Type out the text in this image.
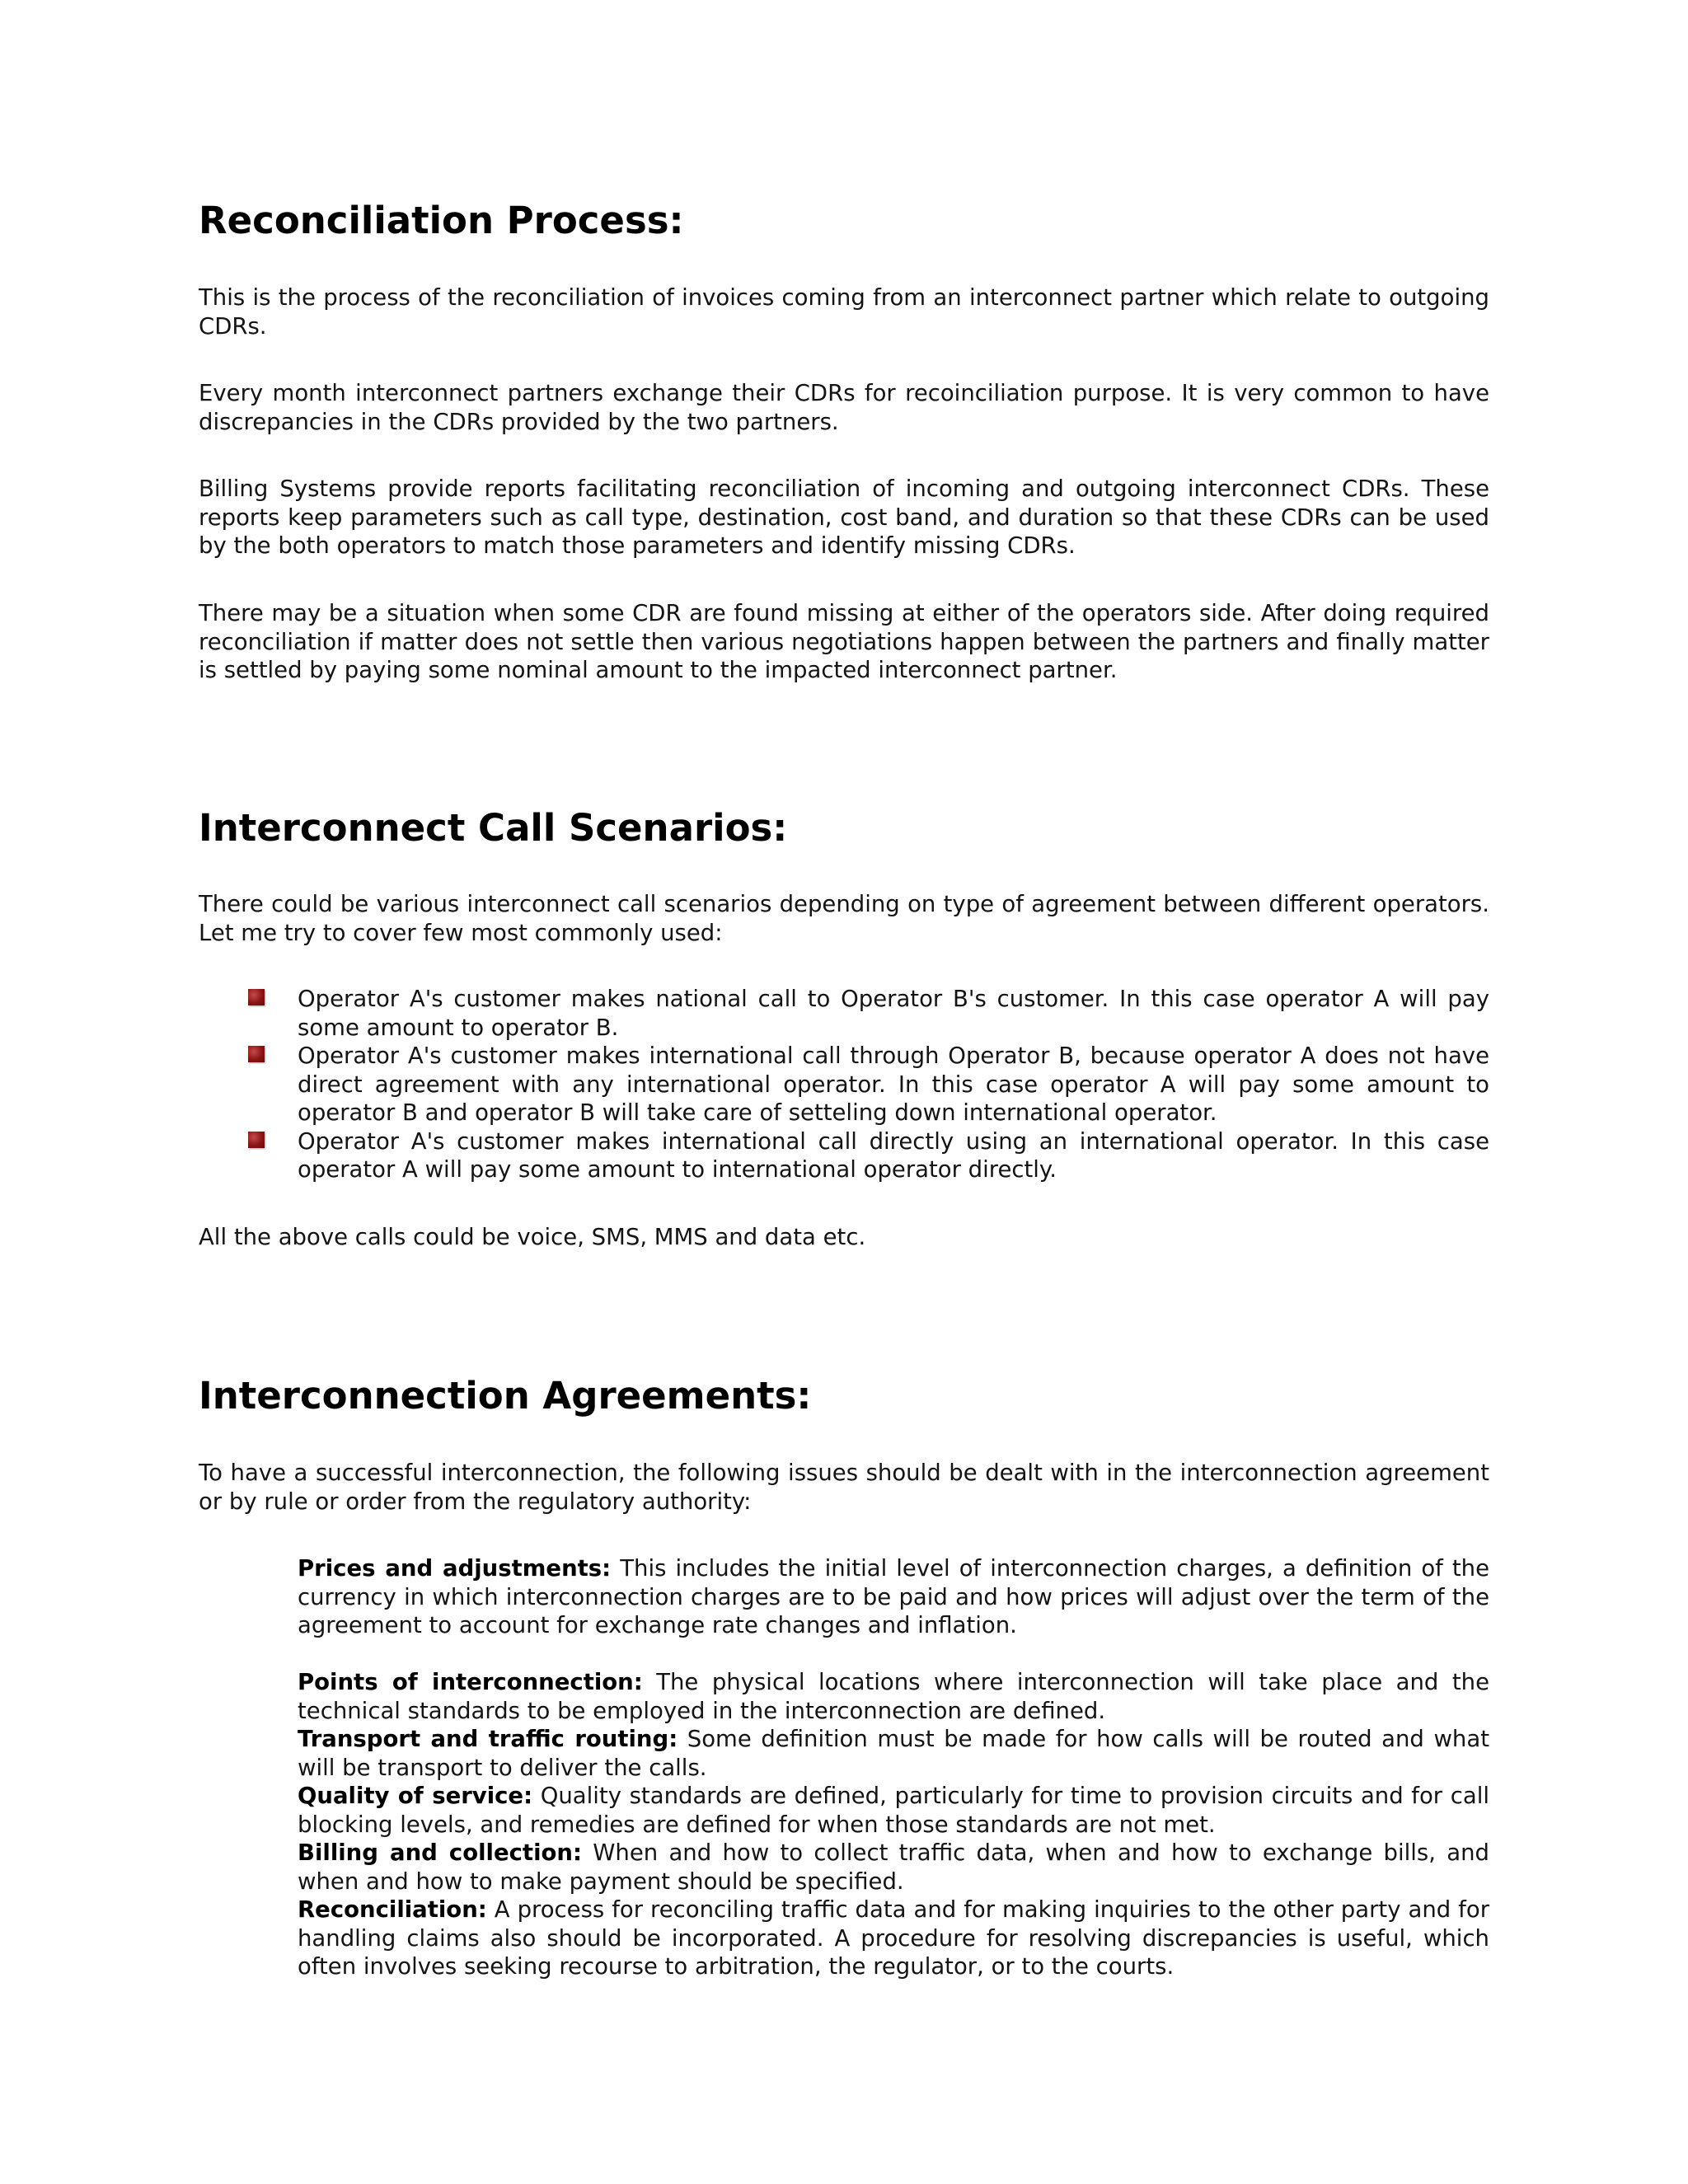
Reconciliation Process:

This is the process of the reconciliation of invoices coming from an interconnect partner which relate to outgoing CDRs.

Every month interconnect partners exchange their CDRs for recoinciliation purpose. It is very common to have discrepancies in the CDRs provided by the two partners.

Billing Systems provide reports facilitating reconciliation of incoming and outgoing interconnect CDRs. These reports keep parameters such as call type, destination, cost band, and duration so that these CDRs can be used by the both operators to match those parameters and identify missing CDRs.

There may be a situation when some CDR are found missing at either of the operators side. After doing required reconciliation if matter does not settle then various negotiations happen between the partners and finally matter is settled by paying some nominal amount to the impacted interconnect partner.

Interconnect Call Scenarios:

There could be various interconnect call scenarios depending on type of agreement between different operators. Let me try to cover few most commonly used:

Operator A's customer makes national call to Operator B's customer. In this case operator A will pay some amount to operator B.

Operator A's customer makes international call through Operator B, because operator A does not have direct agreement with any international operator. In this case operator A will pay some amount to operator B and operator B will take care of setteling down international operator.

Operator A's customer makes international call directly using an international operator. In this case operator A will pay some amount to international operator directly.

All the above calls could be voice, SMS, MMS and data etc.

Interconnection Agreements:

To have a successful interconnection, the following issues should be dealt with in the interconnection agreement or by rule or order from the regulatory authority:

Prices and adjustments: This includes the initial level of interconnection charges, a definition of the currency in which interconnection charges are to be paid and how prices will adjust over the term of the agreement to account for exchange rate changes and inflation.

Points of interconnection: The physical locations where interconnection will take place and the technical standards to be employed in the interconnection are defined.

Transport and traffic routing: Some definition must be made for how calls will be routed and what will be transport to deliver the calls.

Quality of service: Quality standards are defined, particularly for time to provision circuits and for call blocking levels, and remedies are defined for when those standards are not met.

Billing and collection: When and how to collect traffic data, when and how to exchange bills, and when and how to make payment should be specified.

Reconciliation: A process for reconciling traffic data and for making inquiries to the other party and for handling claims also should be incorporated. A procedure for resolving discrepancies is useful, which often involves seeking recourse to arbitration, the regulator, or to the courts.
